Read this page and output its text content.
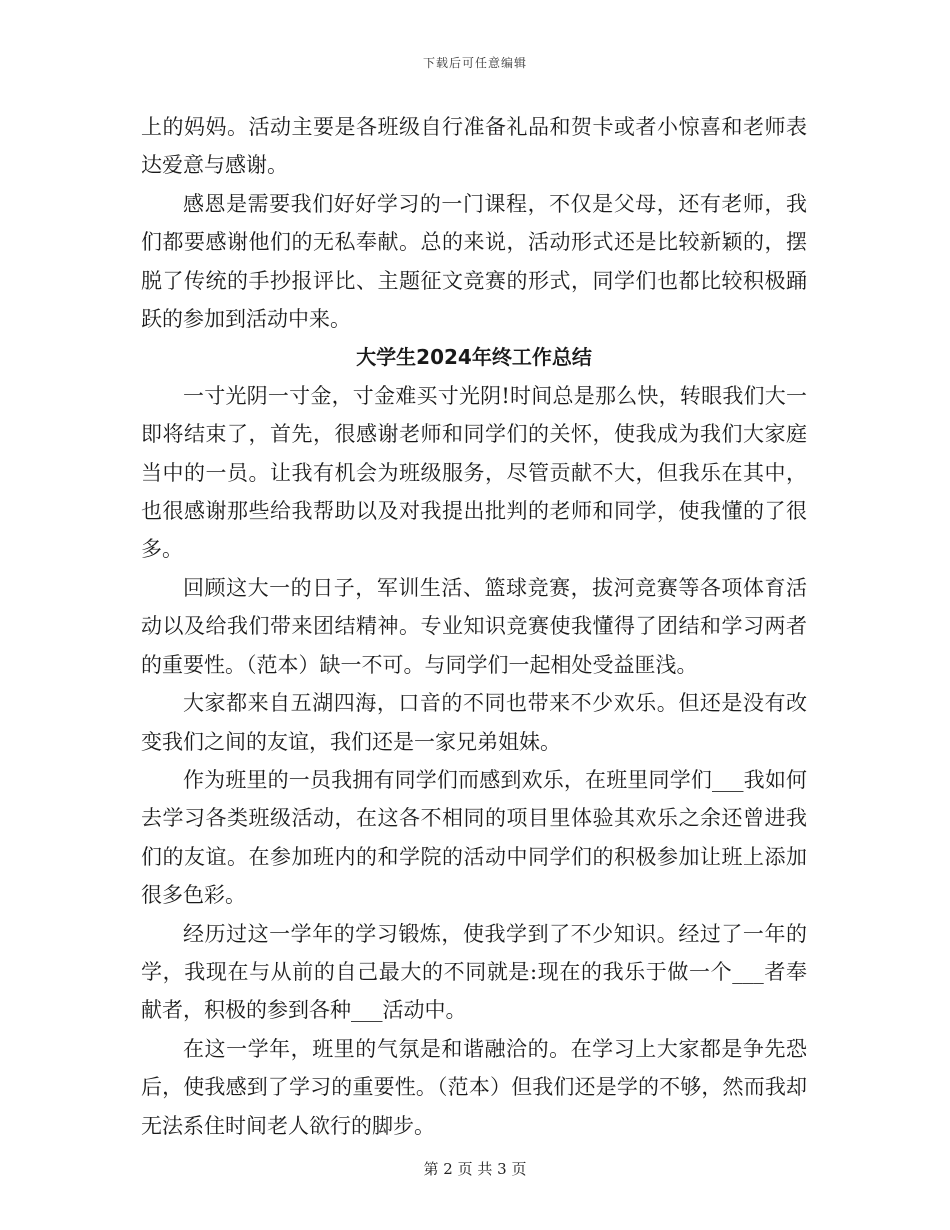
下载后可任意编辑

上的妈妈。活动主要是各班级自行准备礼品和贺卡或者小惊喜和老师表达爱意与感谢。

感恩是需要我们好好学习的一门课程，不仅是父母，还有老师，我们都要感谢他们的无私奉献。总的来说，活动形式还是比较新颖的，摆脱了传统的手抄报评比、主题征文竞赛的形式，同学们也都比较积极踊跃的参加到活动中来。

大学生2024年终工作总结

一寸光阴一寸金，寸金难买寸光阴!时间总是那么快，转眼我们大一即将结束了，首先，很感谢老师和同学们的关怀，使我成为我们大家庭当中的一员。让我有机会为班级服务，尽管贡献不大，但我乐在其中，也很感谢那些给我帮助以及对我提出批判的老师和同学，使我懂的了很多。

回顾这大一的日子，军训生活、篮球竞赛，拔河竞赛等各项体育活动以及给我们带来团结精神。专业知识竞赛使我懂得了团结和学习两者的重要性。（范本）缺一不可。与同学们一起相处受益匪浅。

大家都来自五湖四海，口音的不同也带来不少欢乐。但还是没有改变我们之间的友谊，我们还是一家兄弟姐妹。

作为班里的一员我拥有同学们而感到欢乐，在班里同学们___我如何去学习各类班级活动，在这各不相同的项目里体验其欢乐之余还曾进我们的友谊。在参加班内的和学院的活动中同学们的积极参加让班上添加很多色彩。

经历过这一学年的学习锻炼，使我学到了不少知识。经过了一年的学，我现在与从前的自己最大的不同就是:现在的我乐于做一个___者奉献者，积极的参到各种___活动中。

在这一学年，班里的气氛是和谐融洽的。在学习上大家都是争先恐后，使我感到了学习的重要性。（范本）但我们还是学的不够，然而我却无法系住时间老人欲行的脚步。

第 2 页 共 3 页
